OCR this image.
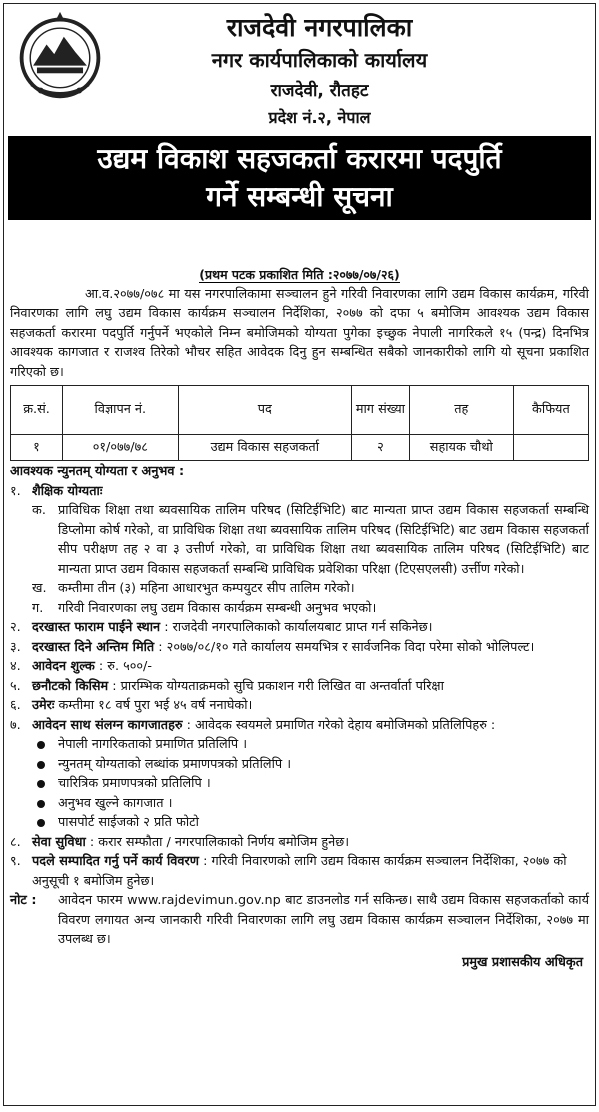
राजदेवी नगरपालिका
नगर कार्यपालिकाको कार्यालय
राजदेवी, रौतहट
प्रदेश नं.२, नेपाल
उद्यम विकाश सहजकर्ता करारमा पदपुर्ति
गर्ने सम्बन्धी सूचना
(प्रथम पटक प्रकाशित मिति :२०७७/०७/२६)
आ.व.२०७७/०७८ मा यस नगरपालिकामा सञ्चालन हुने गरिवी निवारणका लागि उद्यम विकास कार्यक्रम, गरिवी निवारणका लागि लघु उद्यम विकास कार्यक्रम सञ्चालन निर्देशिका, २०७७ को दफा ५ बमोजिम आवश्यक उद्यम विकास सहजकर्ता करारमा पदपुर्ति गर्नुपर्ने भएकोले निम्न बमोजिमको योग्यता पुगेका इच्छुक नेपाली नागरिकले १५ (पन्द्र) दिनभित्र आवश्यक कागजात र राजश्व तिरेको भौचर सहित आवेदक दिनु हुन सम्बन्धित सबैको जानकारीको लागि यो सूचना प्रकाशित गरिएको छ।
क्र.सं.	विज्ञापन नं.	पद	माग संख्या	तह	कैफियत
१	०१/०७७/७८	उद्यम विकास सहजकर्ता	२	सहायक चौथो	
आवश्यक न्युनतम् योग्यता र अनुभव :
१. शैक्षिक योग्यताः
क. प्राविधिक शिक्षा तथा ब्यवसायिक तालिम परिषद (सिटिईभिटि) बाट मान्यता प्राप्त उद्यम विकास सहजकर्ता सम्बन्धि डिप्लोमा कोर्ष गरेको, वा प्राविधिक शिक्षा तथा ब्यवसायिक तालिम परिषद (सिटिईभिटि) बाट उद्यम विकास सहजकर्ता सीप परीक्षण तह २ वा ३ उत्तीर्ण गरेको, वा प्राविधिक शिक्षा तथा ब्यवसायिक तालिम परिषद (सिटिईभिटि) बाट मान्यता प्राप्त उद्यम विकास सहजकर्ता सम्बन्धि प्राविधिक प्रवेशिका परिक्षा (टिएसएलसी) उर्त्तीण गरेको।
ख. कम्तीमा तीन (३) महिना आधारभुत कम्पयुटर सीप तालिम गरेको।
ग. गरिवी निवारणका लघु उद्यम विकास कार्यक्रम सम्बन्धी अनुभव भएको।
२. दरखास्त फाराम पाईने स्थान : राजदेवी नगरपालिकाको कार्यालयबाट प्राप्त गर्न सकिनेछ।
३. दरखास्त दिने अन्तिम मिति : २०७७/०८/१० गते कार्यालय समयभित्र र सार्वजनिक विदा परेमा सोको भोलिपल्ट।
४. आवेदन शुल्क : रु. ५००/-
५. छनौटको किसिम : प्रारम्भिक योग्यताक्रमको सुचि प्रकाशन गरी लिखित वा अन्तर्वार्ता परिक्षा
६. उमेरः कम्तीमा १८ वर्ष पुरा भई ४५ वर्ष ननाघेको।
७. आवेदन साथ संलग्न कागजातहरु : आवेदक स्वयमले प्रमाणित गरेको देहाय बमोजिमको प्रतिलिपिहरु :
नेपाली नागरिकताको प्रमाणित प्रतिलिपि ।
न्युनतम् योग्यताको लब्धांक प्रमाणपत्रको प्रतिलिपि ।
चारित्रिक प्रमाणपत्रको प्रतिलिपि ।
अनुभव खुल्ने कागजात ।
पासपोर्ट साईजको २ प्रति फोटो
८. सेवा सुविधा : करार सम्फौता / नगरपालिकाको निर्णय बमोजिम हुनेछ।
९. पदले सम्पादित गर्नु पर्ने कार्य विवरण : गरिवी निवारणको लागि उद्यम विकास कार्यक्रम सञ्चालन निर्देशिका, २०७७ को अनुसूची १ बमोजिम हुनेछ।
नोट : आवेदन फारम www.rajdevimun.gov.np बाट डाउनलोड गर्न सकिन्छ। साथै उद्यम विकास सहजकर्ताको कार्य विवरण लगायत अन्य जानकारी गरिवी निवारणका लागि लघु उद्यम विकास कार्यक्रम सञ्चालन निर्देशिका, २०७७ मा उपलब्ध छ।
प्रमुख प्रशासकीय अधिकृत
